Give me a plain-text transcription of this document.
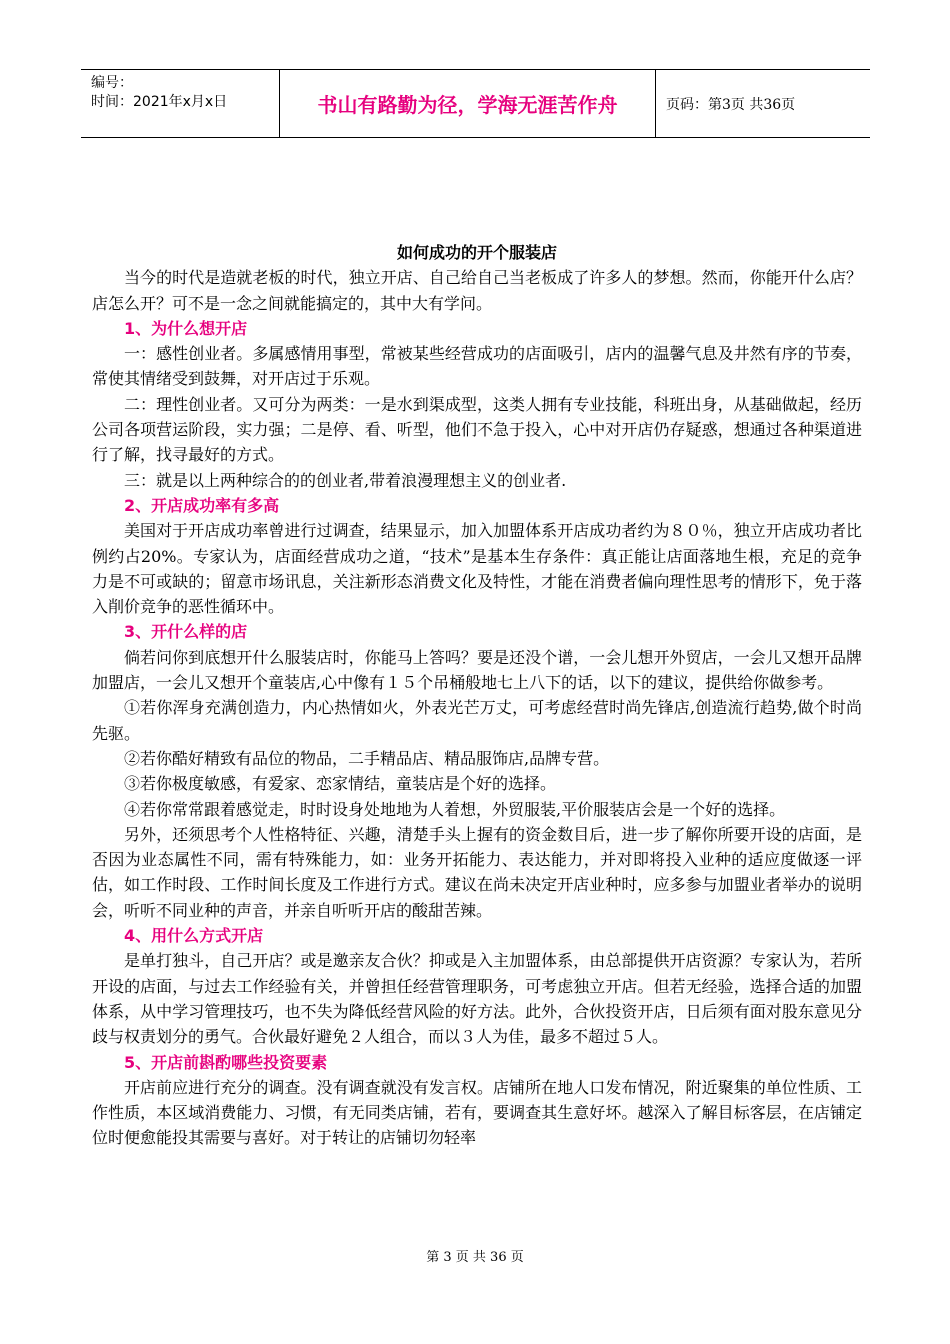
编号：
时间：2021年x月x日	书山有路勤为径，学海无涯苦作舟	页码：第3页 共36页
如何成功的开个服装店

当今的时代是造就老板的时代，独立开店、自己给自己当老板成了许多人的梦想。然而，你能开什么店？店怎么开？可不是一念之间就能搞定的，其中大有学问。

1、为什么想开店

一：感性创业者。多属感情用事型，常被某些经营成功的店面吸引，店内的温馨气息及井然有序的节奏，常使其情绪受到鼓舞，对开店过于乐观。

二：理性创业者。又可分为两类：一是水到渠成型，这类人拥有专业技能，科班出身，从基础做起，经历公司各项营运阶段，实力强；二是停、看、听型，他们不急于投入，心中对开店仍存疑惑，想通过各种渠道进行了解，找寻最好的方式。

三：就是以上两种综合的的创业者,带着浪漫理想主义的创业者.

2、开店成功率有多高

美国对于开店成功率曾进行过调查，结果显示，加入加盟体系开店成功者约为８０％，独立开店成功者比例约占20%。专家认为，店面经营成功之道，“技术”是基本生存条件：真正能让店面落地生根，充足的竞争力是不可或缺的；留意市场讯息，关注新形态消费文化及特性，才能在消费者偏向理性思考的情形下，免于落入削价竞争的恶性循环中。

3、开什么样的店

倘若问你到底想开什么服装店时，你能马上答吗？要是还没个谱，一会儿想开外贸店，一会儿又想开品牌加盟店，一会儿又想开个童装店,心中像有１５个吊桶般地七上八下的话，以下的建议，提供给你做参考。

①若你浑身充满创造力，内心热情如火，外表光芒万丈，可考虑经营时尚先锋店,创造流行趋势,做个时尚先驱。

②若你酷好精致有品位的物品，二手精品店、精品服饰店,品牌专营。

③若你极度敏感，有爱家、恋家情结，童装店是个好的选择。

④若你常常跟着感觉走，时时设身处地地为人着想，外贸服装,平价服装店会是一个好的选择。

另外，还须思考个人性格特征、兴趣，清楚手头上握有的资金数目后，进一步了解你所要开设的店面，是否因为业态属性不同，需有特殊能力，如：业务开拓能力、表达能力，并对即将投入业种的适应度做逐一评估，如工作时段、工作时间长度及工作进行方式。建议在尚未决定开店业种时，应多参与加盟业者举办的说明会，听听不同业种的声音，并亲自听听开店的酸甜苦辣。

4、用什么方式开店

是单打独斗，自己开店？或是邀亲友合伙？抑或是入主加盟体系，由总部提供开店资源？专家认为，若所开设的店面，与过去工作经验有关，并曾担任经营管理职务，可考虑独立开店。但若无经验，选择合适的加盟体系，从中学习管理技巧，也不失为降低经营风险的好方法。此外，合伙投资开店，日后须有面对股东意见分歧与权责划分的勇气。合伙最好避免２人组合，而以３人为佳，最多不超过５人。

5、开店前斟酌哪些投资要素

开店前应进行充分的调查。没有调查就没有发言权。店铺所在地人口发布情况，附近聚集的单位性质、工作性质，本区域消费能力、习惯，有无同类店铺，若有，要调查其生意好坏。越深入了解目标客层，在店铺定位时便愈能投其需要与喜好。对于转让的店铺切勿轻率

第 3 页 共 36 页
